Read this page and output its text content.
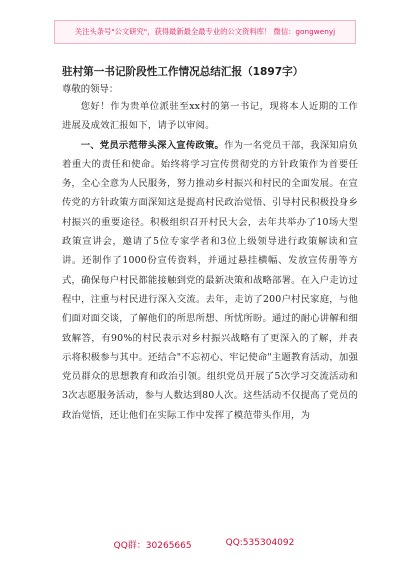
关注头条号"公文研究"，获得最新最全最专业的公文资料库！ 微信：gongwenyj
驻村第一书记阶段性工作情况总结汇报（1897字）
尊敬的领导：

您好！作为贵单位派驻至xx村的第一书记，现将本人近期的工作进展及成效汇报如下，请予以审阅。

一、党员示范带头深入宣传政策。作为一名党员干部，我深知肩负着重大的责任和使命。始终将学习宣传贯彻党的方针政策作为首要任务，全心全意为人民服务，努力推动乡村振兴和村民的全面发展。在宣传党的方针政策方面深知这是提高村民政治觉悟、引导村民积极投身乡村振兴的重要途径。积极组织召开村民大会，去年共举办了10场大型政策宣讲会，邀请了5位专家学者和3位上级领导进行政策解读和宣讲。还制作了1000份宣传资料，并通过悬挂横幅、发放宣传册等方式，确保每户村民都能接触到党的最新决策和战略部署。在入户走访过程中，注重与村民进行深入交流。去年，走访了200户村民家庭，与他们面对面交谈，了解他们的所思所想、所忧所盼。通过的耐心讲解和细致解答，有90%的村民表示对乡村振兴战略有了更深入的了解，并表示将积极参与其中。还结合"不忘初心、牢记使命"主题教育活动，加强党员群众的思想教育和政治引领。组织党员开展了5次学习交流活动和3次志愿服务活动，参与人数达到80人次。这些活动不仅提高了党员的政治觉悟，还让他们在实际工作中发挥了模范带头作用，为

QQ群：30265665	QQ:535304092
